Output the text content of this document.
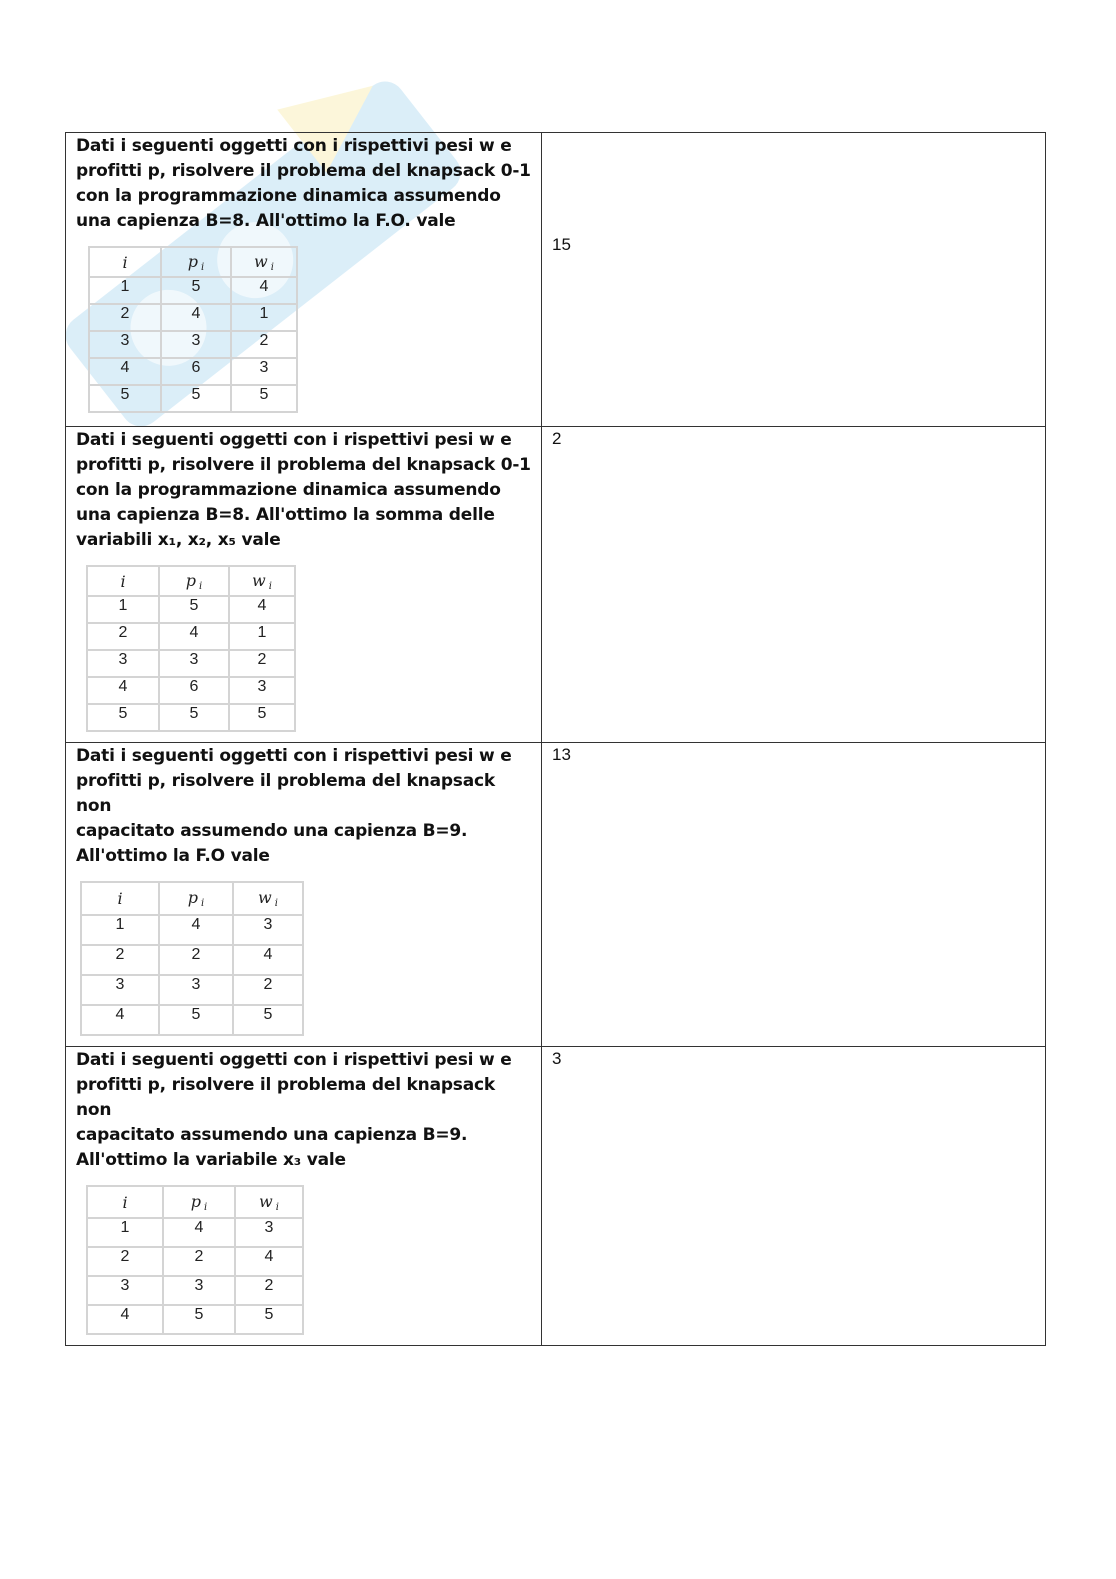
Dati i seguenti oggetti con i rispettivi pesi w e
profitti p, risolvere il problema del knapsack 0-1
con la programmazione dinamica assumendo
una capienza B=8. All'ottimo la F.O. vale

i	p $_i$	w $_i$
1	5	4
2	4	1
3	3	2
4	6	3
5	5	5

15

Dati i seguenti oggetti con i rispettivi pesi w e
profitti p, risolvere il problema del knapsack 0-1
con la programmazione dinamica assumendo
una capienza B=8. All'ottimo la somma delle
variabili x₁, x₂, x₅ vale

i	p $_i$	w $_i$
1	5	4
2	4	1
3	3	2
4	6	3
5	5	5

2

Dati i seguenti oggetti con i rispettivi pesi w e
profitti p, risolvere il problema del knapsack non
capacitato assumendo una capienza B=9.
All'ottimo la F.O vale

i	p $_i$	w $_i$
1	4	3
2	2	4
3	3	2
4	5	5

13

Dati i seguenti oggetti con i rispettivi pesi w e
profitti p, risolvere il problema del knapsack non
capacitato assumendo una capienza B=9.
All'ottimo la variabile x₃ vale

i	p $_i$	w $_i$
1	4	3
2	2	4
3	3	2
4	5	5

3
